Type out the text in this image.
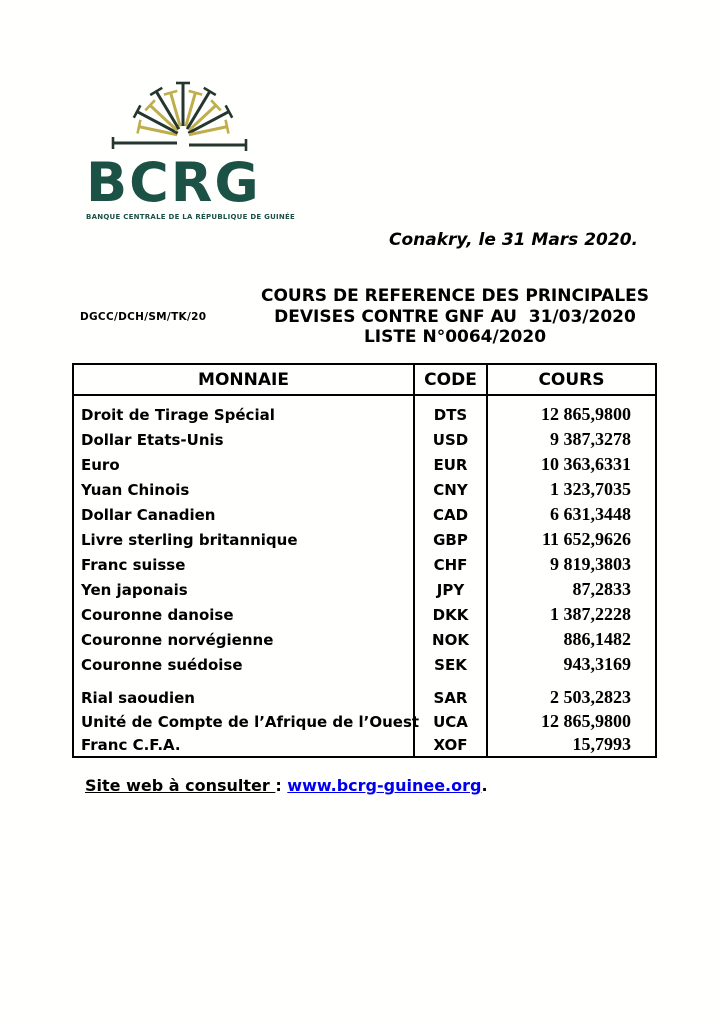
BCRG
BANQUE CENTRALE DE LA RÉPUBLIQUE DE GUINÉE
Conakry, le 31 Mars 2020.
DGCC/DCH/SM/TK/20
COURS DE REFERENCE DES PRINCIPALES
DEVISES CONTRE GNF AU  31/03/2020
LISTE N°0064/2020
MONNAIE	CODE	COURS
Droit de Tirage Spécial	DTS	12 865,9800
Dollar Etats-Unis	USD	9 387,3278
Euro	EUR	10 363,6331
Yuan Chinois	CNY	1 323,7035
Dollar Canadien	CAD	6 631,3448
Livre sterling britannique	GBP	11 652,9626
Franc suisse	CHF	9 819,3803
Yen japonais	JPY	87,2833
Couronne danoise	DKK	1 387,2228
Couronne norvégienne	NOK	886,1482
Couronne suédoise	SEK	943,3169
Rial saoudien	SAR	2 503,2823
Unité de Compte de l’Afrique de l’Ouest	UCA	12 865,9800
Franc C.F.A.	XOF	15,7993
Site web à consulter : www.bcrg-guinee.org.
